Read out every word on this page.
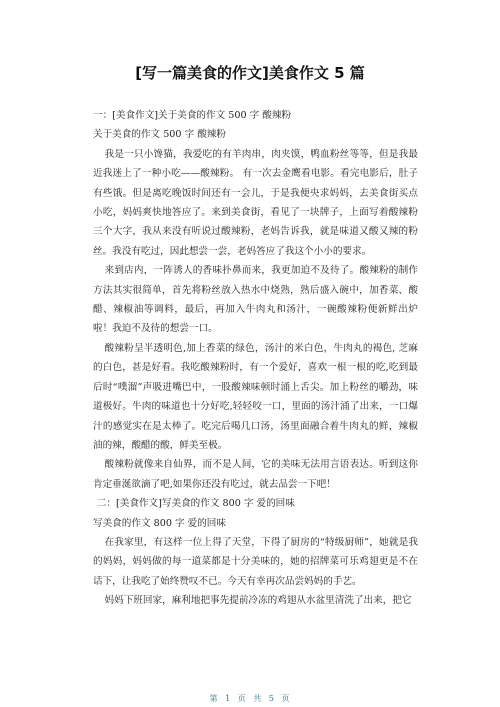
[写一篇美食的作文]美食作文 5 篇

一：[美食作文]关于美食的作文 500 字 酸辣粉

关于美食的作文 500 字 酸辣粉

我是一只小馋猫，我爱吃的有羊肉串，肉夹馍，鸭血粉丝等等，但是我最近我迷上了一种小吃——酸辣粉。 有一次去金鹰看电影。看完电影后，肚子有些饿。但是离吃晚饭时间还有一会儿，于是我便央求妈妈，去美食街买点小吃，妈妈爽快地答应了。来到美食街，看见了一块牌子，上面写着酸辣粉三个大字，我从来没有听说过酸辣粉，老妈告诉我，就是味道又酸又辣的粉丝。我没有吃过，因此想尝一尝，老妈答应了我这个小小的要求。

来到店内，一阵诱人的香味扑鼻而来，我更加迫不及待了。酸辣粉的制作方法其实很简单，首先将粉丝放入热水中烧熟，熟后盛入碗中，加香菜、酸醋、辣椒油等调料，最后，再加入牛肉丸和汤汁，一碗酸辣粉便新鲜出炉啦！我迫不及待的想尝一口。

酸辣粉呈半透明色,加上香菜的绿色，汤汁的米白色，牛肉丸的褐色, 芝麻的白色，甚是好看。我吃酸辣粉时，有一个爱好，喜欢一根一根的吃,吃到最后时“噗溜”声吸进嘴巴中，一股酸辣味顿时涌上舌尖。加上粉丝的嚼劲，味道极好。牛肉的味道也十分好吃,轻轻咬一口，里面的汤汁涌了出来，一口爆汁的感觉实在是太棒了。吃完后喝几口汤，汤里面融合着牛肉丸的鲜，辣椒油的辣，酸醋的酸，鲜美至极。

酸辣粉就像来自仙界，而不是人间，它的美味无法用言语表达。听到这你肯定垂涎欲滴了吧,如果你还没有吃过，就去品尝一下吧！

二：[美食作文]写美食的作文 800 字 爱的回味

写美食的作文 800 字 爱的回味

在我家里，有这样一位上得了天堂，下得了厨房的“特级厨师”，她就是我的妈妈，妈妈做的每一道菜都是十分美味的，她的招牌菜可乐鸡翅更是不在话下，让我吃了始终赞叹不已。今天有幸再次品尝妈妈的手艺。

妈妈下班回家，麻利地把事先提前冷冻的鸡翅从水盆里清洗了出来，把它

第 1 页 共 5 页
